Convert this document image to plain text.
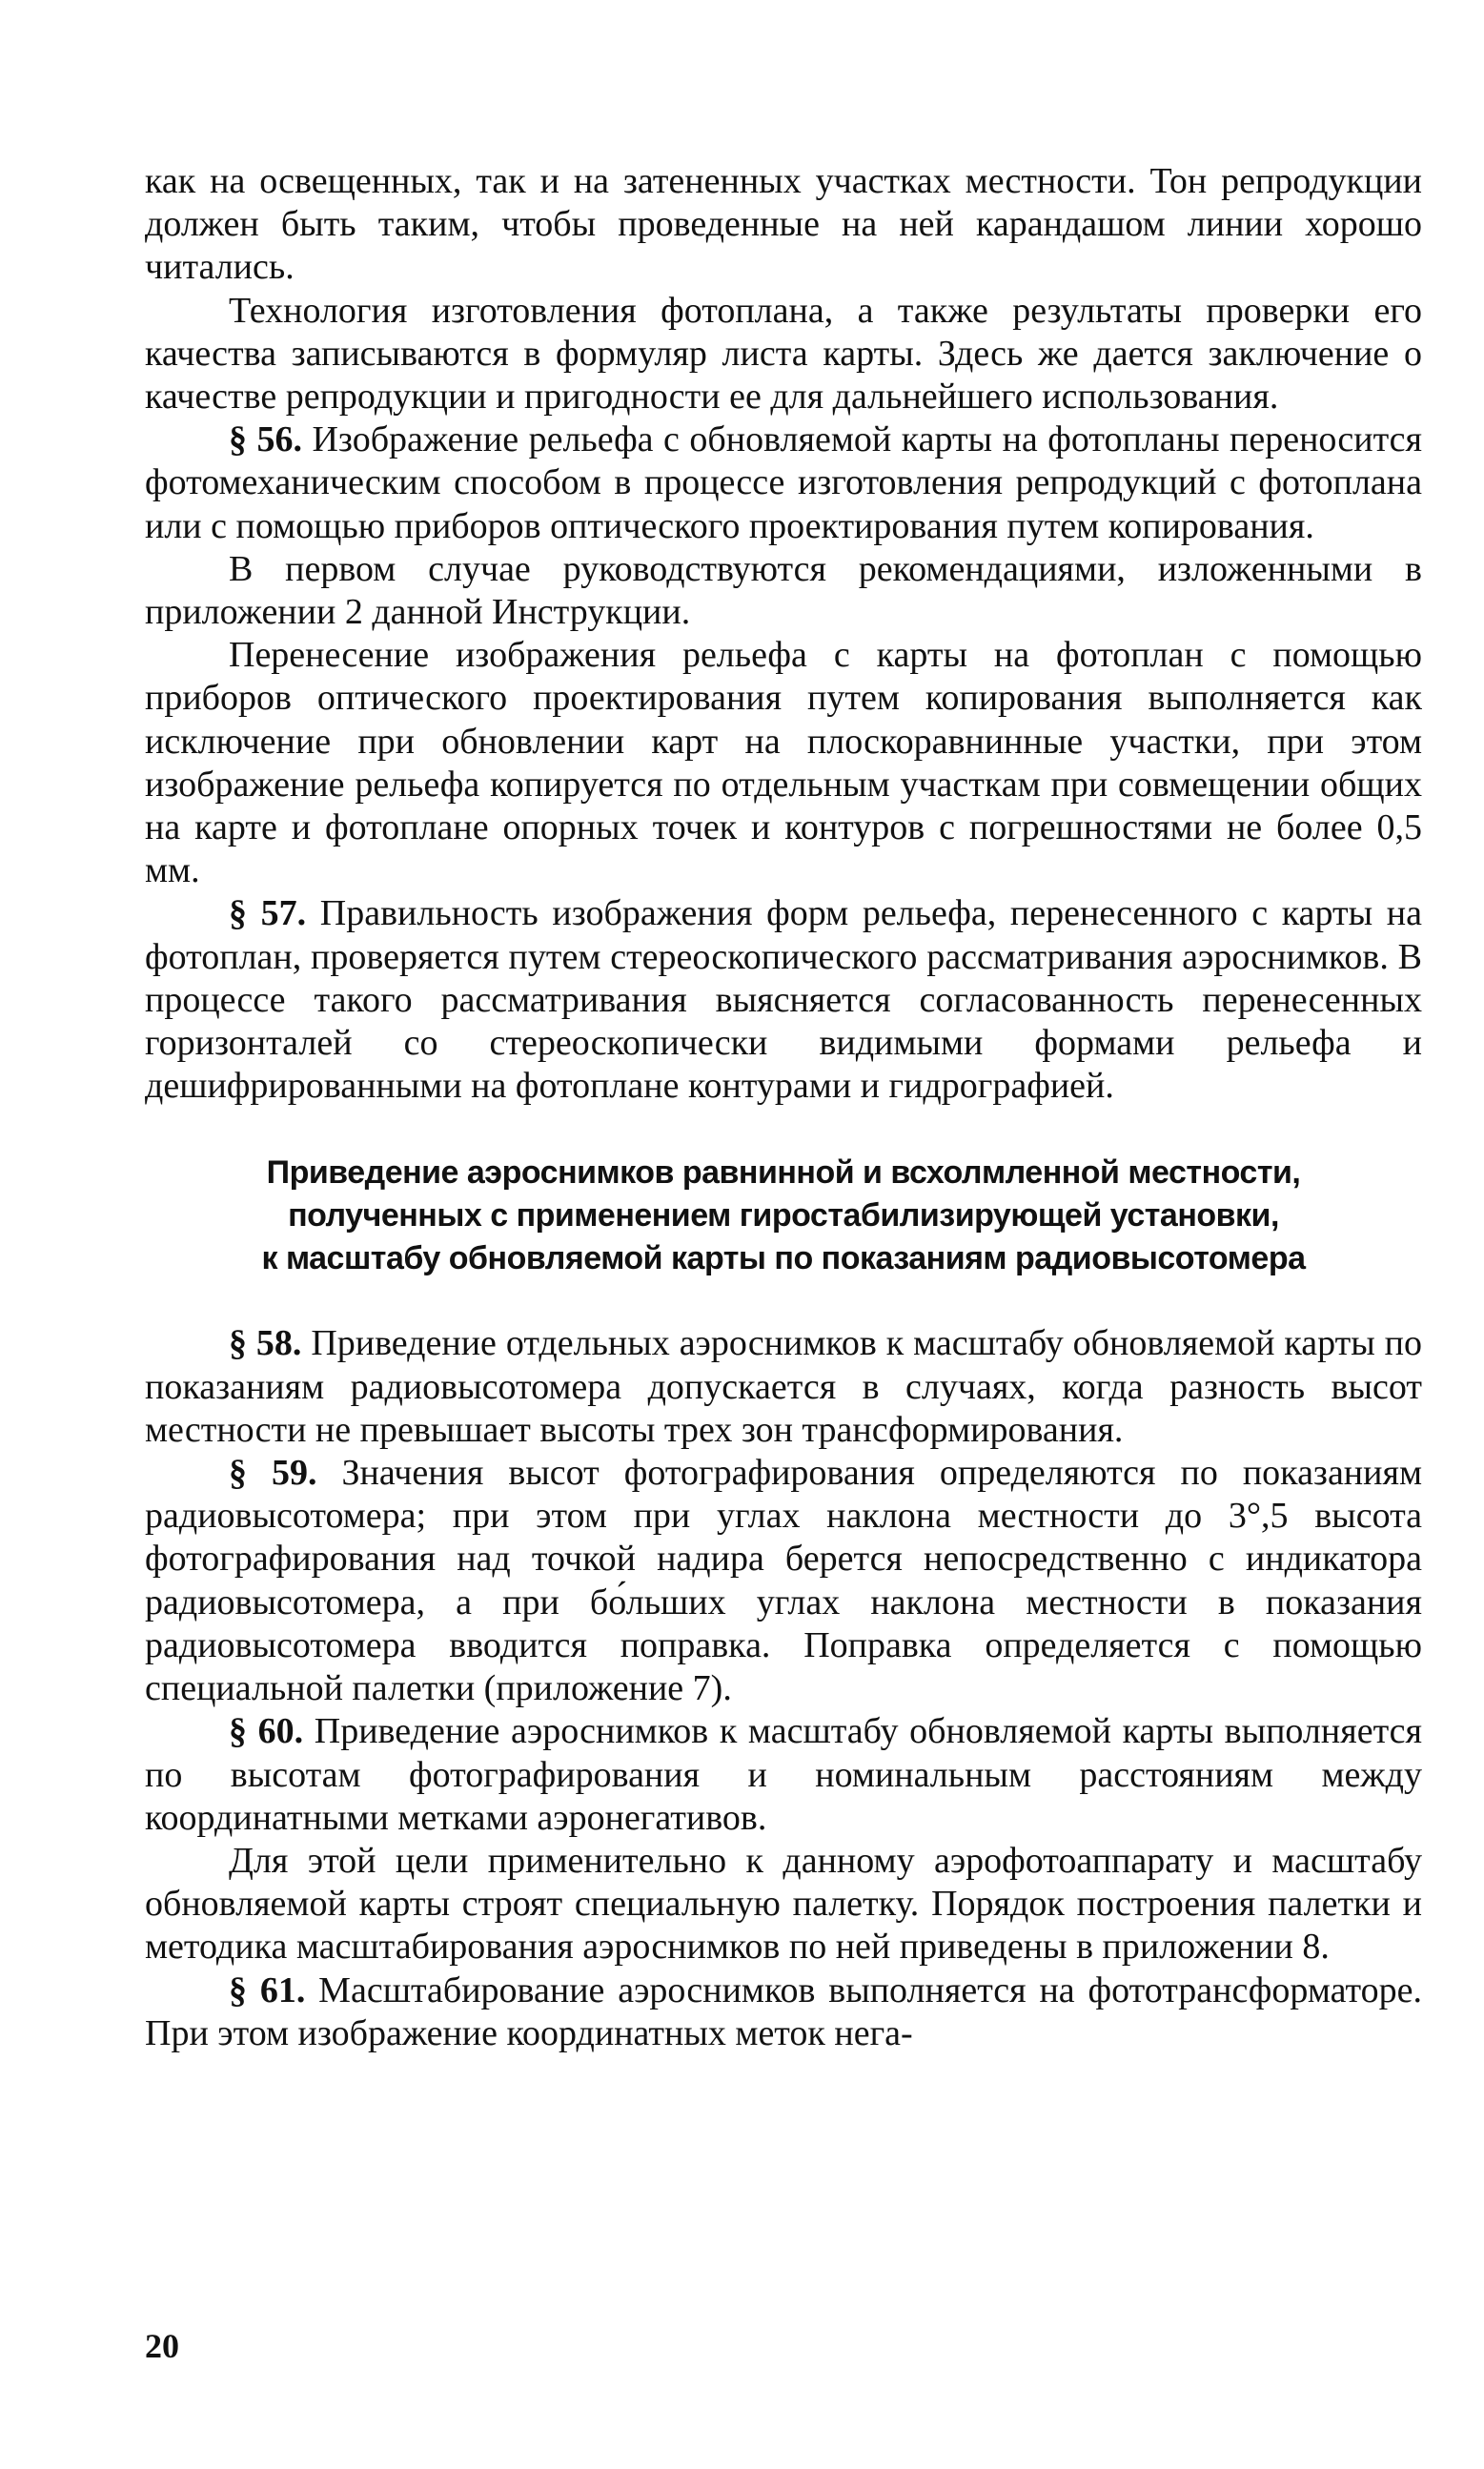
как на освещенных, так и на затененных участках местности. Тон репродукции должен быть таким, чтобы проведенные на ней карандашом линии хорошо читались.

Технология изготовления фотоплана, а также результаты проверки его качества записываются в формуляр листа карты. Здесь же дается заключение о качестве репродукции и пригодности ее для дальнейшего использования.

§ 56. Изображение рельефа с обновляемой карты на фотопланы переносится фотомеханическим способом в процессе изготовления репродукций с фотоплана или с помощью приборов оптического проектирования путем копирования.

В первом случае руководствуются рекомендациями, изложенными в приложении 2 данной Инструкции.

Перенесение изображения рельефа с карты на фотоплан с помощью приборов оптического проектирования путем копирования выполняется как исключение при обновлении карт на плоскоравнинные участки, при этом изображение рельефа копируется по отдельным участкам при совмещении общих на карте и фотоплане опорных точек и контуров с погрешностями не более 0,5 мм.

§ 57. Правильность изображения форм рельефа, перенесенного с карты на фотоплан, проверяется путем стереоскопического рассматривания аэроснимков. В процессе такого рассматривания выясняется согласованность перенесенных горизонталей со стереоскопически видимыми формами рельефа и дешифрированными на фотоплане контурами и гидрографией.

Приведение аэроснимков равнинной и всхолмленной местности,
полученных с применением гиростабилизирующей установки,
к масштабу обновляемой карты по показаниям радиовысотомера

§ 58. Приведение отдельных аэроснимков к масштабу обновляемой карты по показаниям радиовысотомера допускается в случаях, когда разность высот местности не превышает высоты трех зон трансформирования.

§ 59. Значения высот фотографирования определяются по показаниям радиовысотомера; при этом при углах наклона местности до 3°,5 высота фотографирования над точкой надира берется непосредственно с индикатора радиовысотомера, а при бо́льших углах наклона местности в показания радиовысотомера вводится поправка. Поправка определяется с помощью специальной палетки (приложение 7).

§ 60. Приведение аэроснимков к масштабу обновляемой карты выполняется по высотам фотографирования и номинальным расстояниям между координатными метками аэронегативов.

Для этой цели применительно к данному аэрофотоаппарату и масштабу обновляемой карты строят специальную палетку. Порядок построения палетки и методика масштабирования аэроснимков по ней приведены в приложении 8.

§ 61. Масштабирование аэроснимков выполняется на фототрансформаторе. При этом изображение координатных меток нега-

20
